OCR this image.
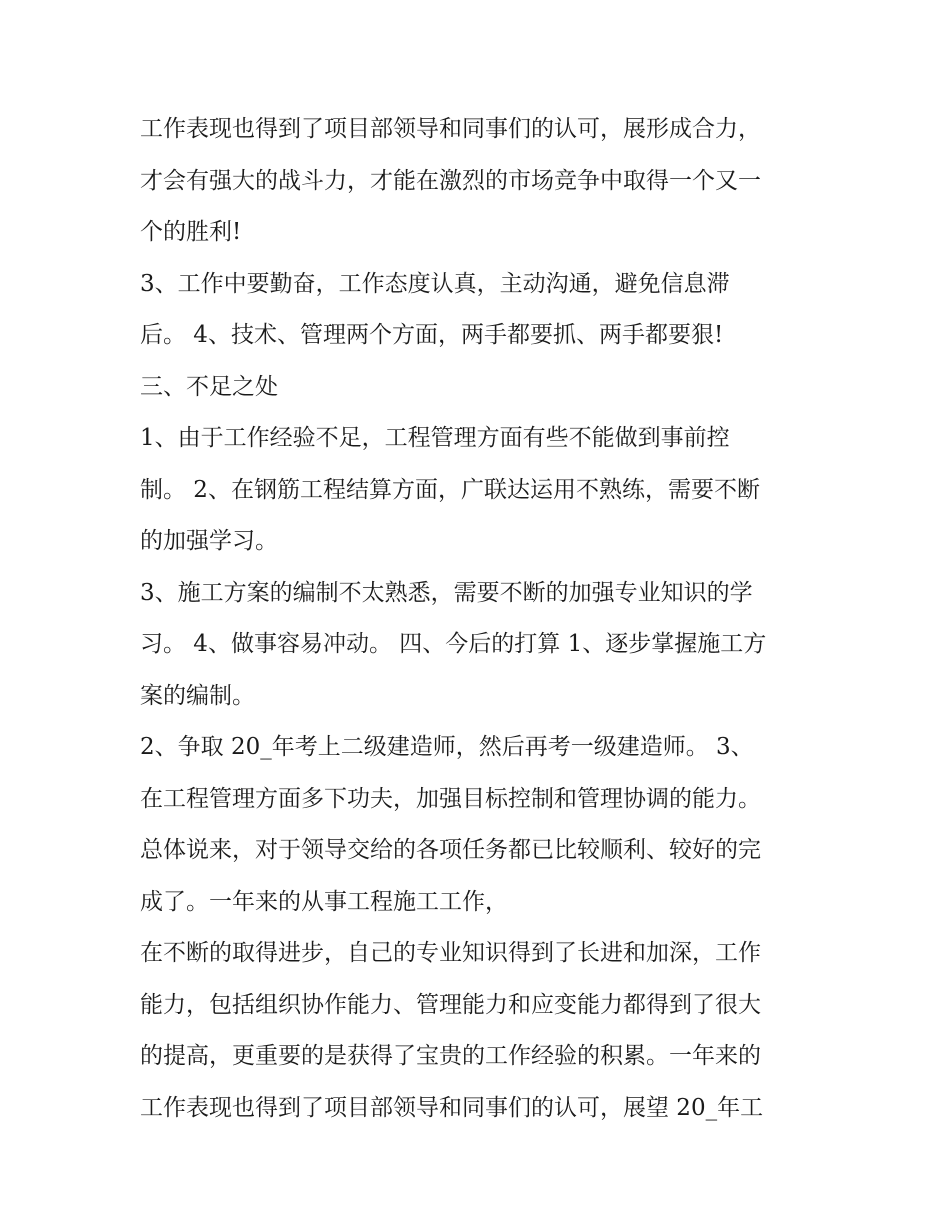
工作表现也得到了项目部领导和同事们的认可，展形成合力，
才会有强大的战斗力，才能在激烈的市场竞争中取得一个又一
个的胜利!
3、工作中要勤奋，工作态度认真，主动沟通，避免信息滞
后。 4、技术、管理两个方面，两手都要抓、两手都要狠!
三、不足之处
1、由于工作经验不足，工程管理方面有些不能做到事前控
制。 2、在钢筋工程结算方面，广联达运用不熟练，需要不断
的加强学习。
3、施工方案的编制不太熟悉，需要不断的加强专业知识的学
习。 4、做事容易冲动。 四、今后的打算 1、逐步掌握施工方
案的编制。
2、争取 20_年考上二级建造师，然后再考一级建造师。 3、
在工程管理方面多下功夫，加强目标控制和管理协调的能力。
总体说来，对于领导交给的各项任务都已比较顺利、较好的完
成了。一年来的从事工程施工工作，
在不断的取得进步，自己的专业知识得到了长进和加深，工作
能力，包括组织协作能力、管理能力和应变能力都得到了很大
的提高，更重要的是获得了宝贵的工作经验的积累。一年来的
工作表现也得到了项目部领导和同事们的认可，展望 20_年工
